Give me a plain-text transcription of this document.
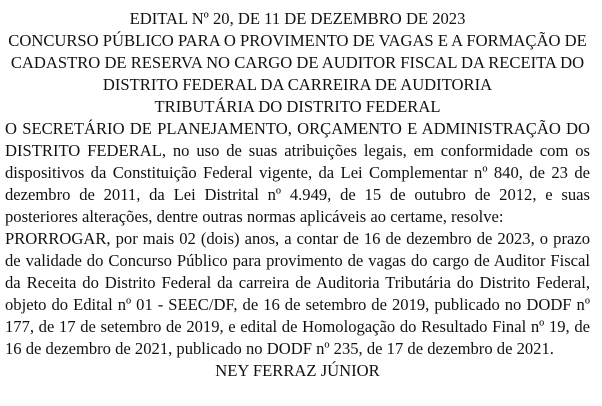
EDITAL Nº 20, DE 11 DE DEZEMBRO DE 2023
CONCURSO PÚBLICO PARA O PROVIMENTO DE VAGAS E A FORMAÇÃO DE
CADASTRO DE RESERVA NO CARGO DE AUDITOR FISCAL DA RECEITA DO
DISTRITO FEDERAL DA CARREIRA DE AUDITORIA
TRIBUTÁRIA DO DISTRITO FEDERAL

O SECRETÁRIO DE PLANEJAMENTO, ORÇAMENTO E ADMINISTRAÇÃO DO DISTRITO FEDERAL, no uso de suas atribuições legais, em conformidade com os dispositivos da Constituição Federal vigente, da Lei Complementar nº 840, de 23 de dezembro de 2011, da Lei Distrital nº 4.949, de 15 de outubro de 2012, e suas posteriores alterações, dentre outras normas aplicáveis ao certame, resolve:

PRORROGAR, por mais 02 (dois) anos, a contar de 16 de dezembro de 2023, o prazo de validade do Concurso Público para provimento de vagas do cargo de Auditor Fiscal da Receita do Distrito Federal da carreira de Auditoria Tributária do Distrito Federal, objeto do Edital nº 01 - SEEC/DF, de 16 de setembro de 2019, publicado no DODF nº 177, de 17 de setembro de 2019, e edital de Homologação do Resultado Final nº 19, de 16 de dezembro de 2021, publicado no DODF nº 235, de 17 de dezembro de 2021.

NEY FERRAZ JÚNIOR
